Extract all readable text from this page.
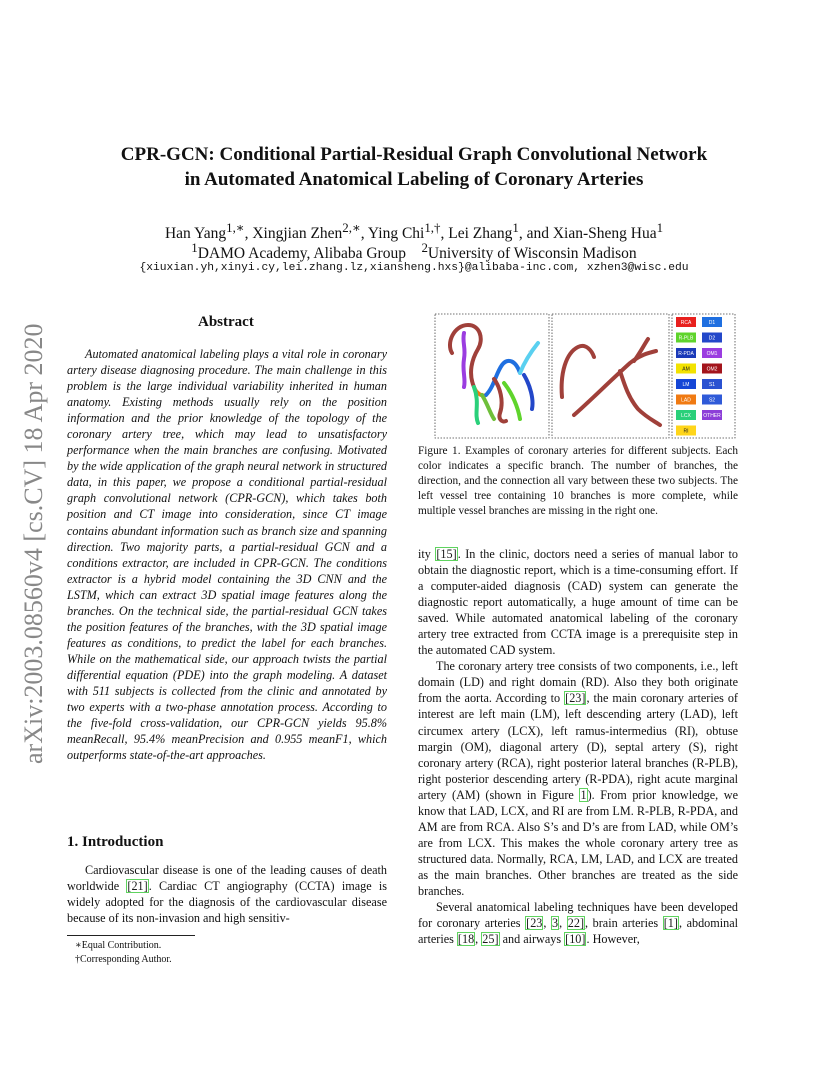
arXiv:2003.08560v4 [cs.CV] 18 Apr 2020
CPR-GCN: Conditional Partial-Residual Graph Convolutional Network
in Automated Anatomical Labeling of Coronary Arteries
Han Yang$^{1,∗}$, Xingjian Zhen$^{2,∗}$, Ying Chi$^{1,\dagger}$, Lei Zhang$^1$, and Xian-Sheng Hua$^1$
$^1$DAMO Academy, Alibaba Group $^2$University of Wisconsin Madison
{xiuxian.yh,xinyi.cy,lei.zhang.lz,xiansheng.hxs}@alibaba-inc.com, xzhen3@wisc.edu
Abstract
Automated anatomical labeling plays a vital role in coronary artery disease diagnosing procedure. The main challenge in this problem is the large individual variability inherited in human anatomy. Existing methods usually rely on the position information and the prior knowledge of the topology of the coronary artery tree, which may lead to unsatisfactory performance when the main branches are confusing. Motivated by the wide application of the graph neural network in structured data, in this paper, we propose a conditional partial-residual graph convolutional network (CPR-GCN), which takes both position and CT image into consideration, since CT image contains abundant information such as branch size and spanning direction. Two majority parts, a partial-residual GCN and a conditions extractor, are included in CPR-GCN. The conditions extractor is a hybrid model containing the 3D CNN and the LSTM, which can extract 3D spatial image features along the branches. On the technical side, the partial-residual GCN takes the position features of the branches, with the 3D spatial image features as conditions, to predict the label for each branches. While on the mathematical side, our approach twists the partial differential equation (PDE) into the graph modeling. A dataset with 511 subjects is collected from the clinic and annotated by two experts with a two-phase annotation process. According to the five-fold cross-validation, our CPR-GCN yields 95.8% meanRecall, 95.4% meanPrecision and 0.955 meanF1, which outperforms state-of-the-art approaches.
1. Introduction

Cardiovascular disease is one of the leading causes of death worldwide [21]. Cardiac CT angiography (CCTA) image is widely adopted for the diagnosis of the cardiovascular disease because of its non-invasion and high sensitiv-

∗Equal Contribution.
†Corresponding Author.
RCA	D1
R-PLB	D2
R-PDA	OM1
AM	OM2
LM	S1
LAD	S2
LCX OTHER
RI
Figure 1. Examples of coronary arteries for different subjects. Each color indicates a specific branch. The number of branches, the direction, and the connection all vary between these two subjects. The left vessel tree containing 10 branches is more complete, while multiple vessel branches are missing in the right one.

ity [15]. In the clinic, doctors need a series of manual labor to obtain the diagnostic report, which is a time-consuming effort. If a computer-aided diagnosis (CAD) system can generate the diagnostic report automatically, a huge amount of time can be saved. While automated anatomical labeling of the coronary artery tree extracted from CCTA image is a prerequisite step in the automated CAD system.

The coronary artery tree consists of two components, i.e., left domain (LD) and right domain (RD). Also they both originate from the aorta. According to [23], the main coronary arteries of interest are left main (LM), left descending artery (LAD), left circumex artery (LCX), left ramus-intermedius (RI), obtuse margin (OM), diagonal artery (D), septal artery (S), right coronary artery (RCA), right posterior lateral branches (R-PLB), right posterior descending artery (R-PDA), right acute marginal artery (AM) (shown in Figure 1). From prior knowledge, we know that LAD, LCX, and RI are from LM. R-PLB, R-PDA, and AM are from RCA. Also S’s and D’s are from LAD, while OM’s are from LCX. This makes the whole coronary artery tree as structured data. Normally, RCA, LM, LAD, and LCX are treated as the main branches. Other branches are treated as the side branches.

Several anatomical labeling techniques have been developed for coronary arteries [23, 3, 22], brain arteries [1], abdominal arteries [18, 25] and airways [10]. However,
